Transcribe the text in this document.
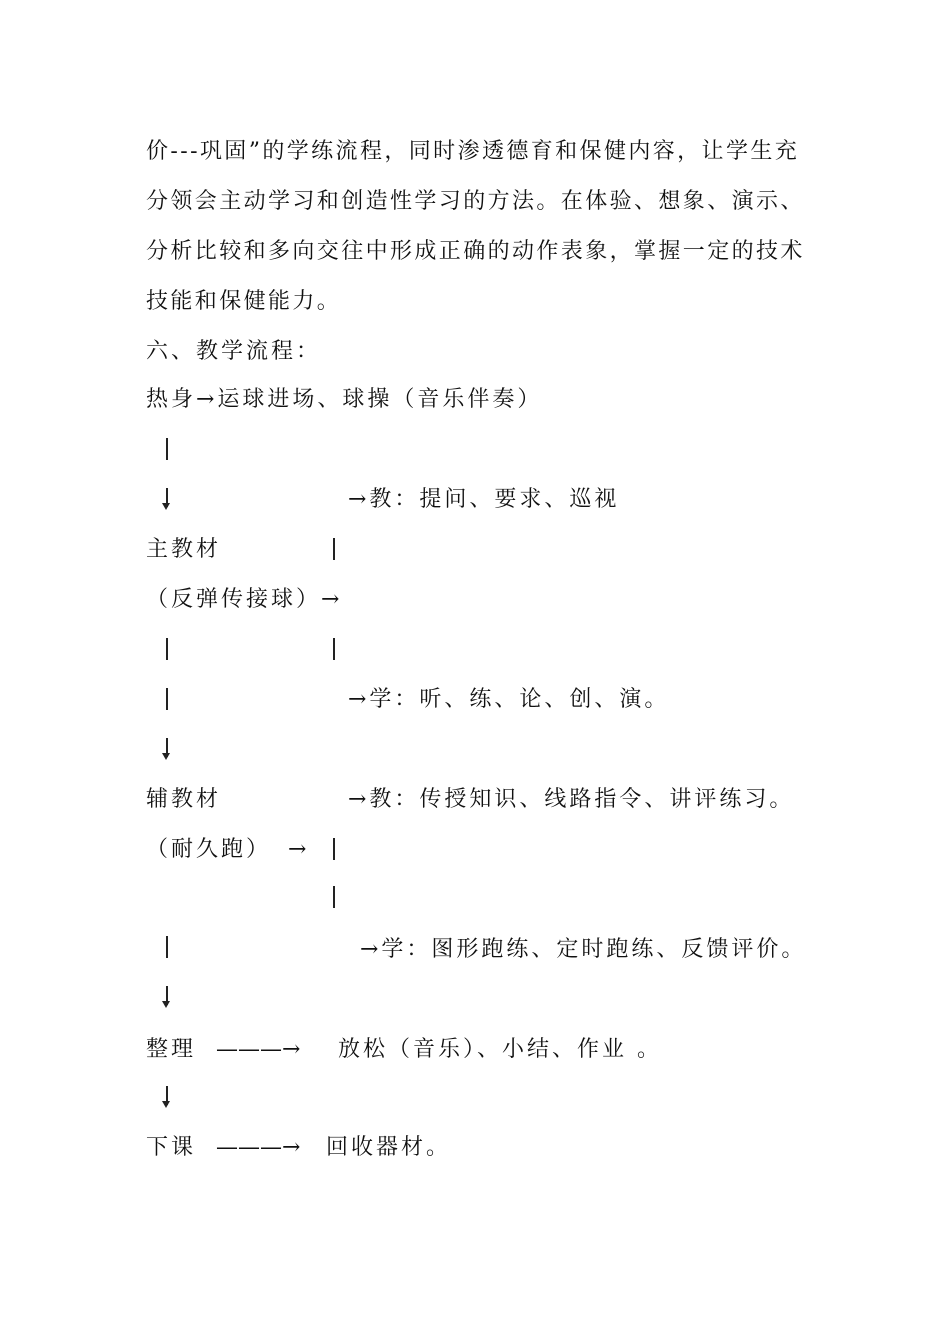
价---巩固”的学练流程，同时渗透德育和保健内容，让学生充
分领会主动学习和创造性学习的方法。在体验、想象、演示、
分析比较和多向交往中形成正确的动作表象，掌握一定的技术
技能和保健能力。
六、教学流程：
热身→运球进场、球操（音乐伴奏）
→教：提问、要求、巡视
主教材
（反弹传接球）→
→学：听、练、论、创、演。
辅教材	→教：传授知识、线路指令、讲评练习。
（耐久跑） →
→学：图形跑练、定时跑练、反馈评价。
整理 ———→ 放松（音乐）、小结、作业 。
下课 ———→ 回收器材。
